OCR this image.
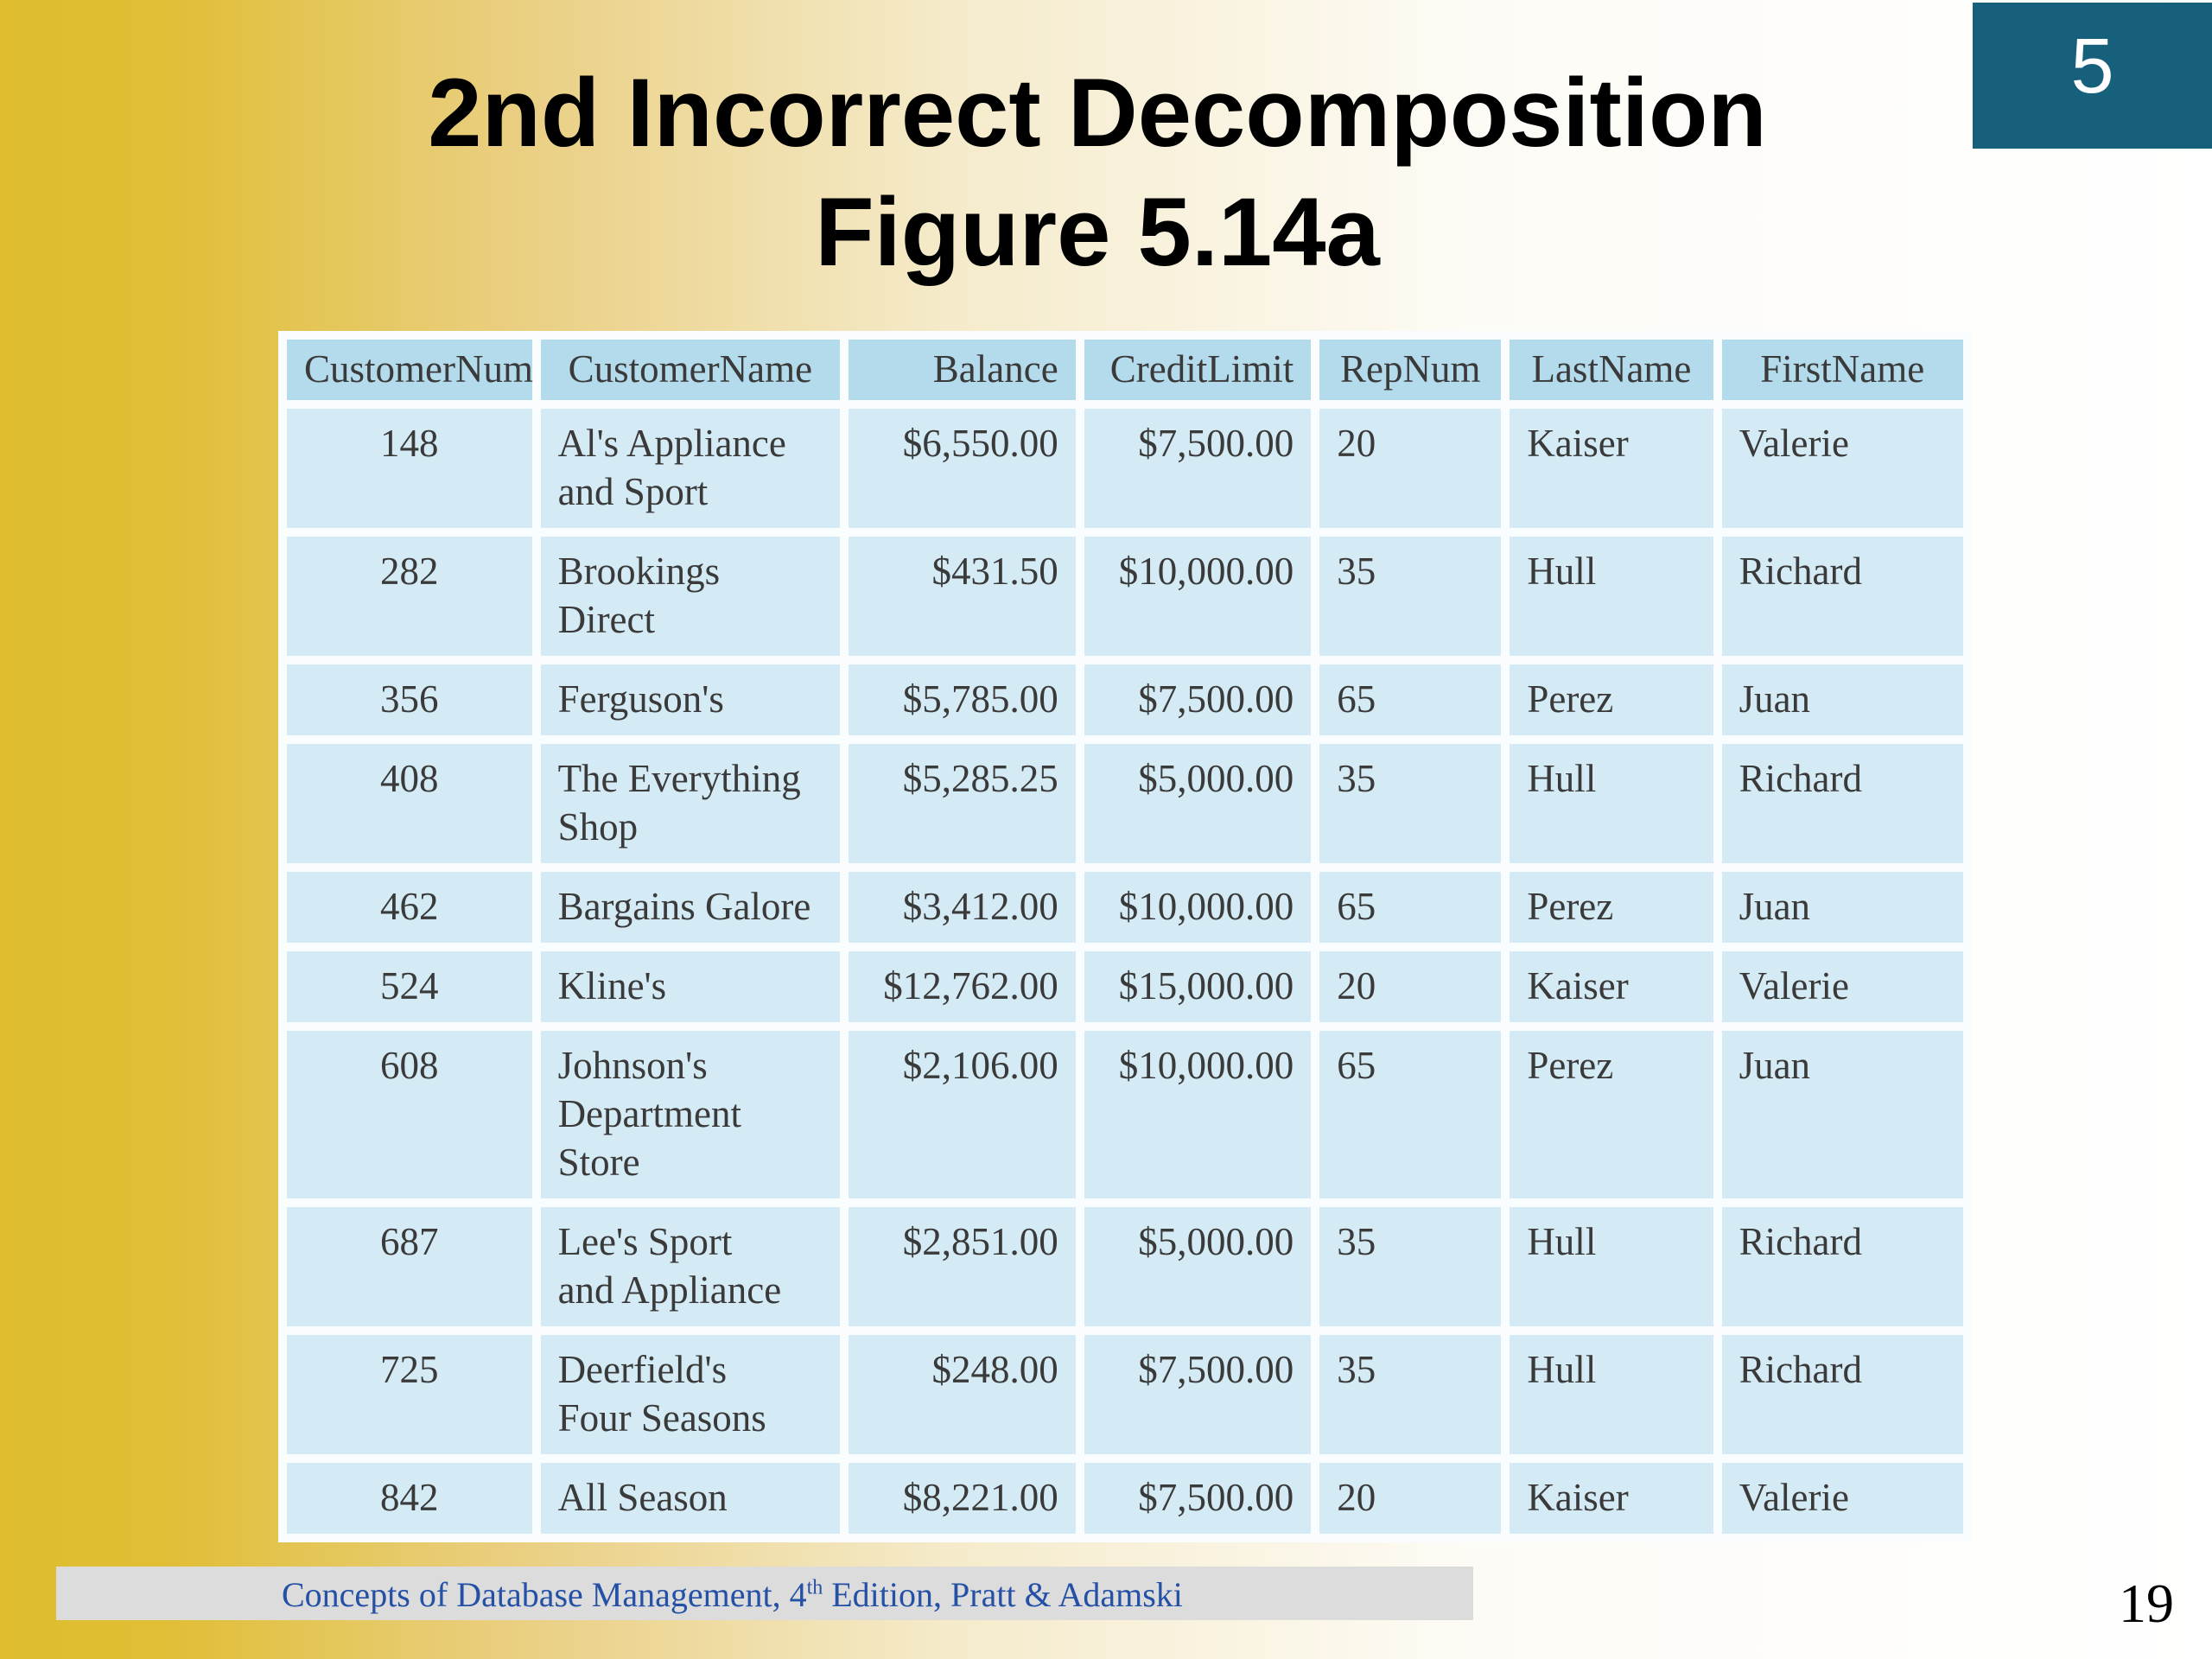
2nd Incorrect Decomposition
Figure 5.14a
5
CustomerNum	CustomerName	Balance	CreditLimit	RepNum	LastName	FirstName
148	Al's Appliance
and Sport	$6,550.00	$7,500.00	20	Kaiser	Valerie
282	Brookings Direct	$431.50	$10,000.00	35	Hull	Richard
356	Ferguson's	$5,785.00	$7,500.00	65	Perez	Juan
408	The Everything
Shop	$5,285.25	$5,000.00	35	Hull	Richard
462	Bargains Galore	$3,412.00	$10,000.00	65	Perez	Juan
524	Kline's	$12,762.00	$15,000.00	20	Kaiser	Valerie
608	Johnson's
Department
Store	$2,106.00	$10,000.00	65	Perez	Juan
687	Lee's Sport
and Appliance	$2,851.00	$5,000.00	35	Hull	Richard
725	Deerfield's
Four Seasons	$248.00	$7,500.00	35	Hull	Richard
842	All Season	$8,221.00	$7,500.00	20	Kaiser	Valerie
Concepts of Database Management, 4th Edition, Pratt & Adamski	19
